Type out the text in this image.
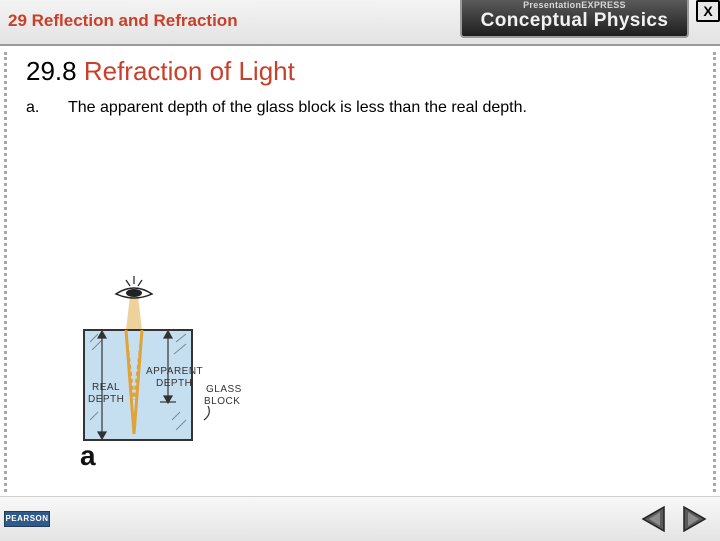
29 Reflection and Refraction
PresentationEXPRESS
Conceptual Physics	X
29.8 Refraction of Light
a. The apparent depth of the glass block is less than the real depth.
REAL
DEPTH
APPARENT
DEPTH
GLASS
BLOCK
a
PEARSON
